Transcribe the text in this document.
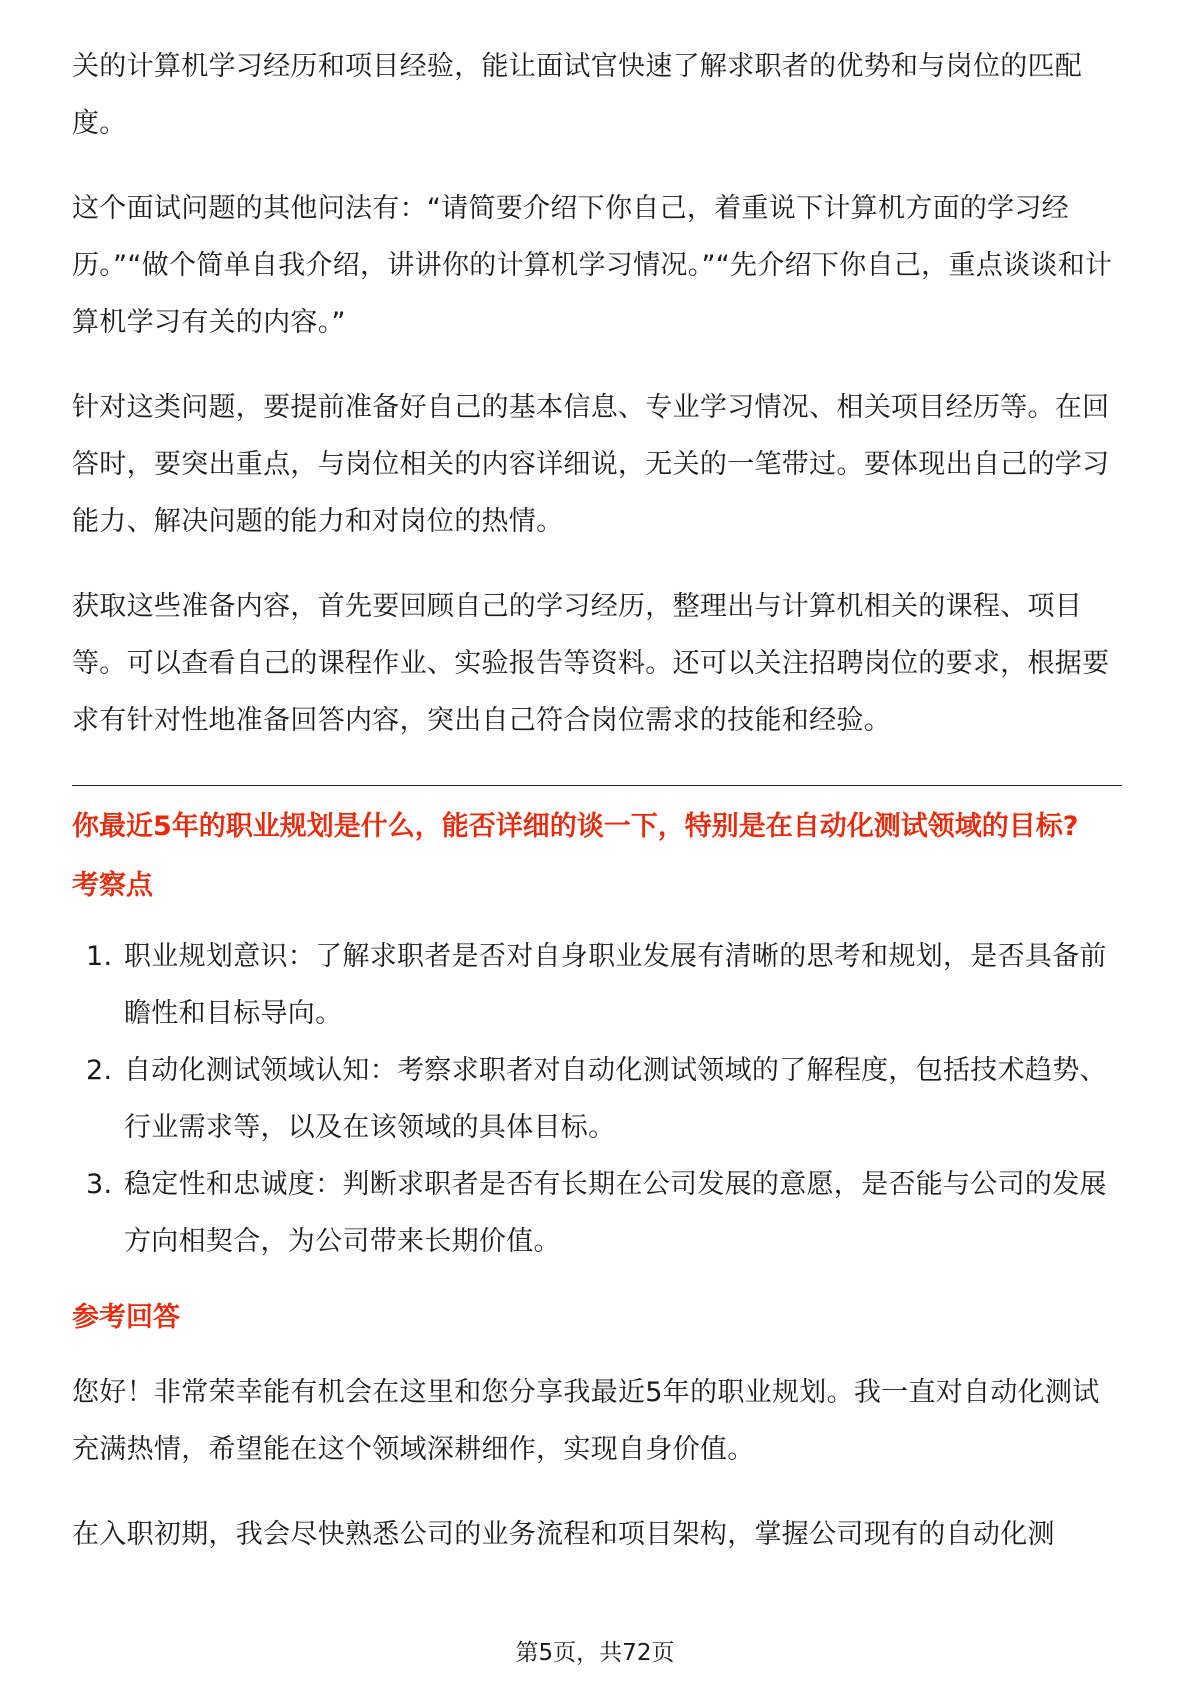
关的计算机学习经历和项目经验，能让面试官快速了解求职者的优势和与岗位的匹配度。

这个面试问题的其他问法有：“请简要介绍下你自己，着重说下计算机方面的学习经历。”“做个简单自我介绍，讲讲你的计算机学习情况。”“先介绍下你自己，重点谈谈和计算机学习有关的内容。”

针对这类问题，要提前准备好自己的基本信息、专业学习情况、相关项目经历等。在回答时，要突出重点，与岗位相关的内容详细说，无关的一笔带过。要体现出自己的学习能力、解决问题的能力和对岗位的热情。

获取这些准备内容，首先要回顾自己的学习经历，整理出与计算机相关的课程、项目等。可以查看自己的课程作业、实验报告等资料。还可以关注招聘岗位的要求，根据要求有针对性地准备回答内容，突出自己符合岗位需求的技能和经验。

你最近5年的职业规划是什么，能否详细的谈一下，特别是在自动化测试领域的目标?

考察点

1. 职业规划意识：了解求职者是否对自身职业发展有清晰的思考和规划，是否具备前瞻性和目标导向。
2. 自动化测试领域认知：考察求职者对自动化测试领域的了解程度，包括技术趋势、行业需求等，以及在该领域的具体目标。
3. 稳定性和忠诚度：判断求职者是否有长期在公司发展的意愿，是否能与公司的发展方向相契合，为公司带来长期价值。

参考回答

您好！非常荣幸能有机会在这里和您分享我最近5年的职业规划。我一直对自动化测试充满热情，希望能在这个领域深耕细作，实现自身价值。

在入职初期，我会尽快熟悉公司的业务流程和项目架构，掌握公司现有的自动化测

第5页，共72页
